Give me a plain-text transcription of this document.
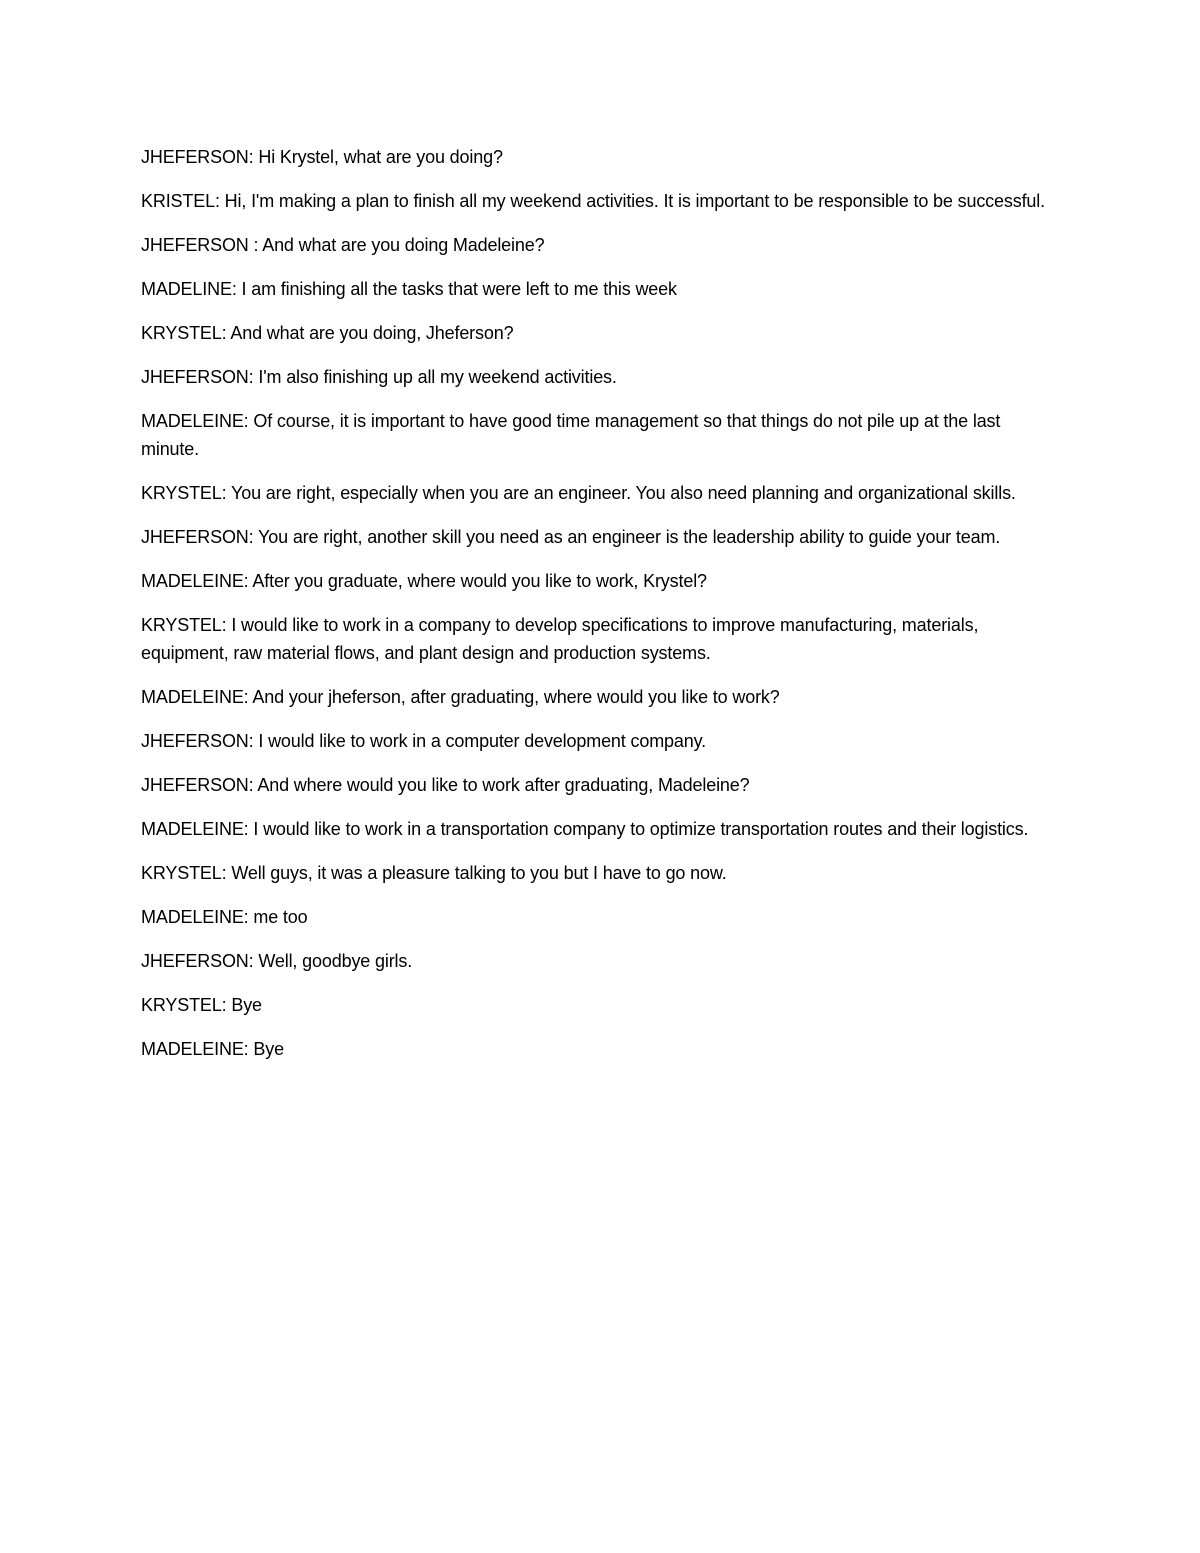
JHEFERSON: Hi Krystel, what are you doing?

KRISTEL: Hi, I'm making a plan to finish all my weekend activities. It is important to be responsible to be successful.

JHEFERSON : And what are you doing Madeleine?

MADELINE: I am finishing all the tasks that were left to me this week

KRYSTEL: And what are you doing, Jheferson?

JHEFERSON: I'm also finishing up all my weekend activities.

MADELEINE: Of course, it is important to have good time management so that things do not pile up at the last minute.

KRYSTEL: You are right, especially when you are an engineer. You also need planning and organizational skills.

JHEFERSON: You are right, another skill you need as an engineer is the leadership ability to guide your team.

MADELEINE: After you graduate, where would you like to work, Krystel?

KRYSTEL: I would like to work in a company to develop specifications to improve manufacturing, materials, equipment, raw material flows, and plant design and production systems.

MADELEINE: And your jheferson, after graduating, where would you like to work?

JHEFERSON: I would like to work in a computer development company.

JHEFERSON: And where would you like to work after graduating, Madeleine?

MADELEINE: I would like to work in a transportation company to optimize transportation routes and their logistics.

KRYSTEL: Well guys, it was a pleasure talking to you but I have to go now.

MADELEINE: me too

JHEFERSON: Well, goodbye girls.

KRYSTEL: Bye

MADELEINE: Bye
